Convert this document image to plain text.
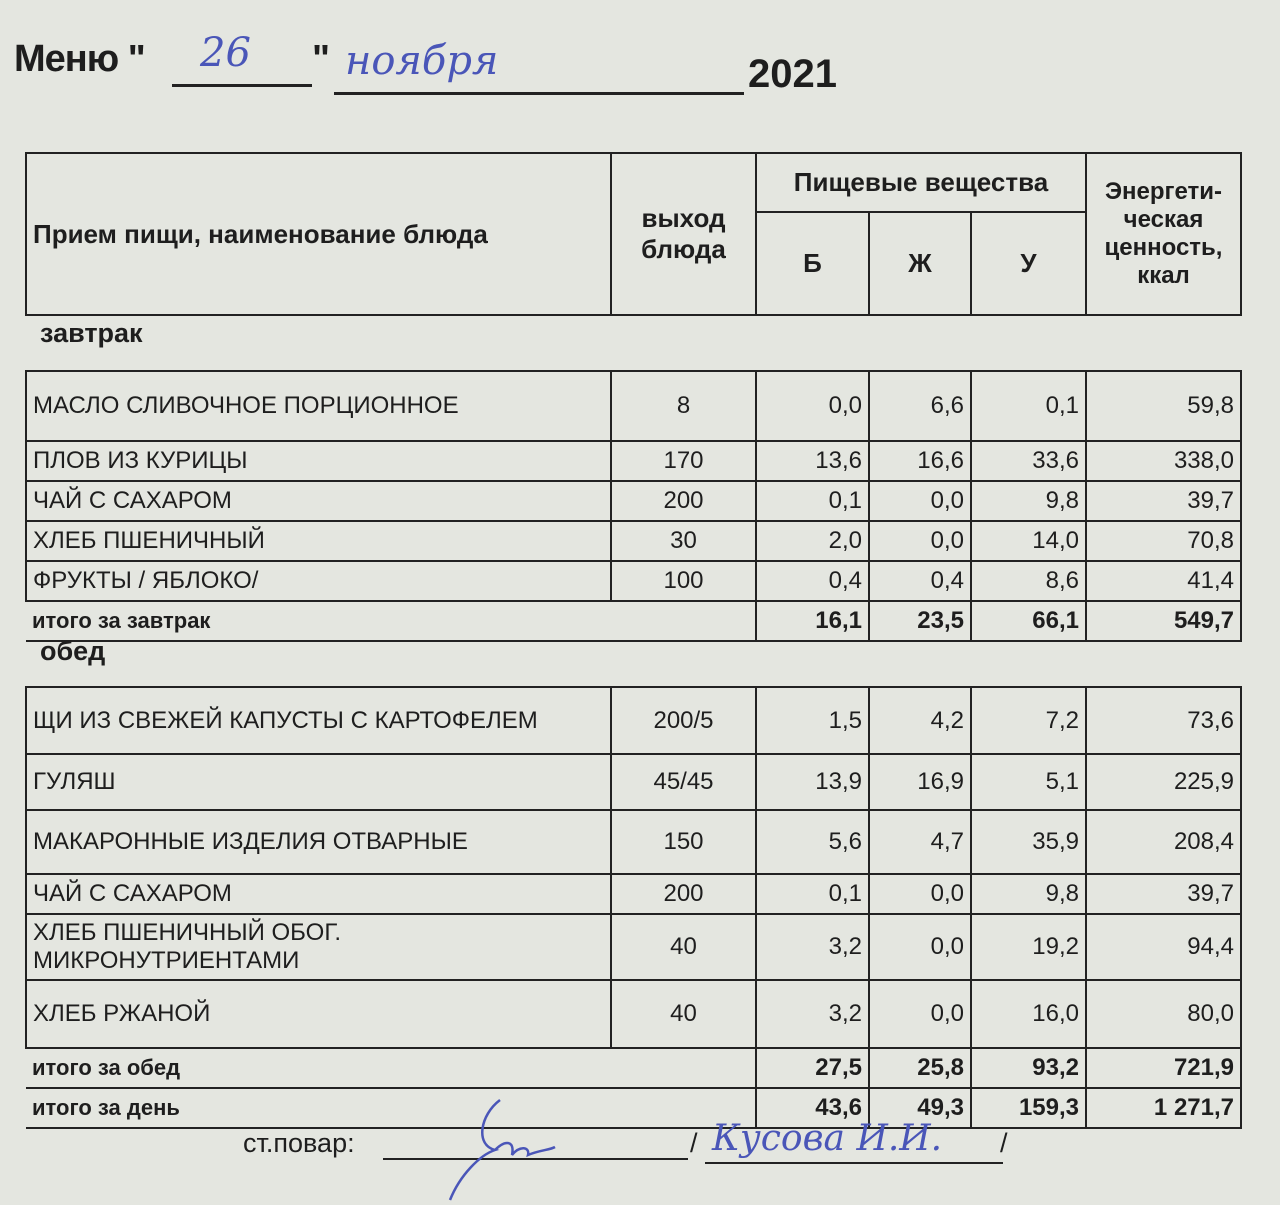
Меню " 26 " ноября	2021
Прием пищи, наименование блюда	выход блюда	Пищевые вещества			Энергети-ческая ценность, ккал
		Б	Ж	У	
завтрак
МАСЛО СЛИВОЧНОЕ ПОРЦИОННОЕ	8	0,0	6,6	0,1	59,8
ПЛОВ ИЗ КУРИЦЫ	170	13,6	16,6	33,6	338,0
ЧАЙ С САХАРОМ	200	0,1	0,0	9,8	39,7
ХЛЕБ ПШЕНИЧНЫЙ	30	2,0	0,0	14,0	70,8
ФРУКТЫ / ЯБЛОКО/	100	0,4	0,4	8,6	41,4
итого за завтрак		16,1	23,5	66,1	549,7
обед
ЩИ ИЗ СВЕЖЕЙ КАПУСТЫ С КАРТОФЕЛЕМ	200/5	1,5	4,2	7,2	73,6
ГУЛЯШ	45/45	13,9	16,9	5,1	225,9
МАКАРОННЫЕ ИЗДЕЛИЯ ОТВАРНЫЕ	150	5,6	4,7	35,9	208,4
ЧАЙ С САХАРОМ	200	0,1	0,0	9,8	39,7
ХЛЕБ ПШЕНИЧНЫЙ ОБОГ. МИКРОНУТРИЕНТАМИ	40	3,2	0,0	19,2	94,4
ХЛЕБ РЖАНОЙ	40	3,2	0,0	16,0	80,0
итого за обед		27,5	25,8	93,2	721,9
итого за день		43,6	49,3	159,3	1 271,7
ст.повар:	/ Кусова И.И. /
